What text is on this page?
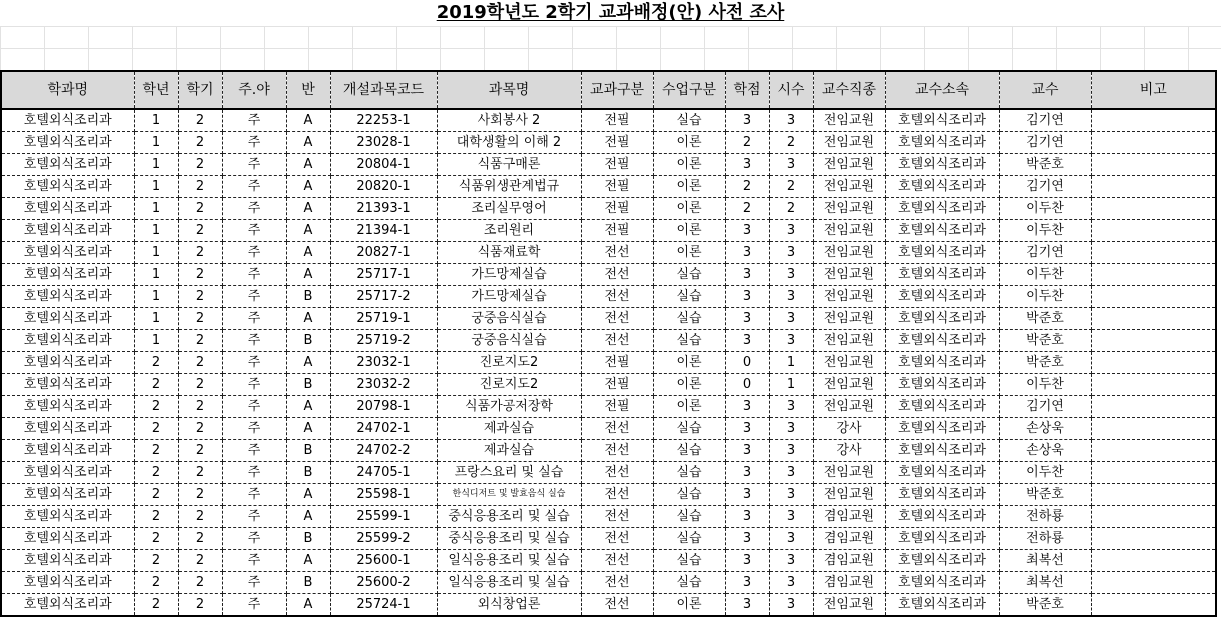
2019학년도 2학기 교과배정(안) 사전 조사
학과명	학년	학기	주.야	반	개설과목코드	과목명	교과구분	수업구분	학점	시수	교수직종	교수소속	교수	비고
호텔외식조리과	1	2	주	A	22253-1	사회봉사 2	전필	실습	3	3	전임교원	호텔외식조리과	김기연	
호텔외식조리과	1	2	주	A	23028-1	대학생활의 이해 2	전필	이론	2	2	전임교원	호텔외식조리과	김기연	
호텔외식조리과	1	2	주	A	20804-1	식품구매론	전필	이론	3	3	전임교원	호텔외식조리과	박준호	
호텔외식조리과	1	2	주	A	20820-1	식품위생관계법규	전필	이론	2	2	전임교원	호텔외식조리과	김기연	
호텔외식조리과	1	2	주	A	21393-1	조리실무영어	전필	이론	2	2	전임교원	호텔외식조리과	이두찬	
호텔외식조리과	1	2	주	A	21394-1	조리원리	전필	이론	3	3	전임교원	호텔외식조리과	이두찬	
호텔외식조리과	1	2	주	A	20827-1	식품재료학	전선	이론	3	3	전임교원	호텔외식조리과	김기연	
호텔외식조리과	1	2	주	A	25717-1	가드망제실습	전선	실습	3	3	전임교원	호텔외식조리과	이두찬	
호텔외식조리과	1	2	주	B	25717-2	가드망제실습	전선	실습	3	3	전임교원	호텔외식조리과	이두찬	
호텔외식조리과	1	2	주	A	25719-1	궁중음식실습	전선	실습	3	3	전임교원	호텔외식조리과	박준호	
호텔외식조리과	1	2	주	B	25719-2	궁중음식실습	전선	실습	3	3	전임교원	호텔외식조리과	박준호	
호텔외식조리과	2	2	주	A	23032-1	진로지도2	전필	이론	0	1	전임교원	호텔외식조리과	박준호	
호텔외식조리과	2	2	주	B	23032-2	진로지도2	전필	이론	0	1	전임교원	호텔외식조리과	이두찬	
호텔외식조리과	2	2	주	A	20798-1	식품가공저장학	전필	이론	3	3	전임교원	호텔외식조리과	김기연	
호텔외식조리과	2	2	주	A	24702-1	제과실습	전선	실습	3	3	강사	호텔외식조리과	손상욱	
호텔외식조리과	2	2	주	B	24702-2	제과실습	전선	실습	3	3	강사	호텔외식조리과	손상욱	
호텔외식조리과	2	2	주	B	24705-1	프랑스요리 및 실습	전선	실습	3	3	전임교원	호텔외식조리과	이두찬	
호텔외식조리과	2	2	주	A	25598-1	한식디저트 및 발효음식 실습	전선	실습	3	3	전임교원	호텔외식조리과	박준호	
호텔외식조리과	2	2	주	A	25599-1	중식응용조리 및 실습	전선	실습	3	3	겸임교원	호텔외식조리과	전하룡	
호텔외식조리과	2	2	주	B	25599-2	중식응용조리 및 실습	전선	실습	3	3	겸임교원	호텔외식조리과	전하룡	
호텔외식조리과	2	2	주	A	25600-1	일식응용조리 및 실습	전선	실습	3	3	겸임교원	호텔외식조리과	최복선	
호텔외식조리과	2	2	주	B	25600-2	일식응용조리 및 실습	전선	실습	3	3	겸임교원	호텔외식조리과	최복선	
호텔외식조리과	2	2	주	A	25724-1	외식창업론	전선	이론	3	3	전임교원	호텔외식조리과	박준호	
